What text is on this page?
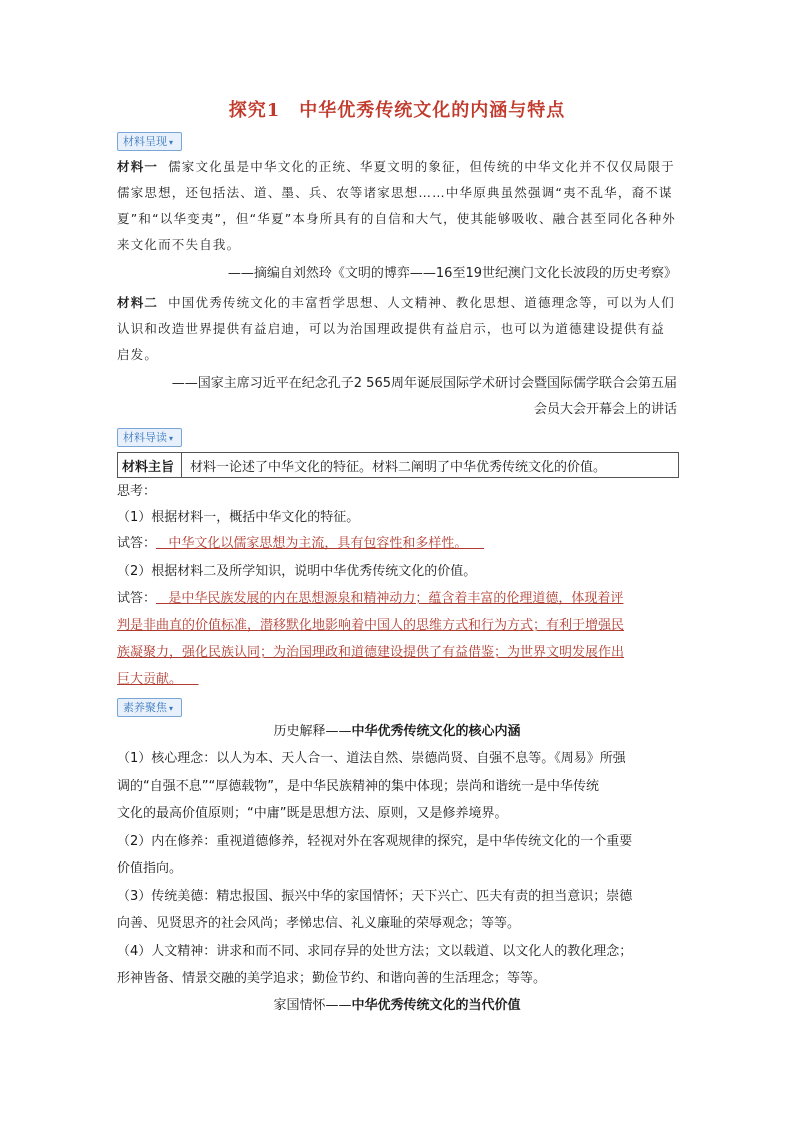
探究1　中华优秀传统文化的内涵与特点
材料呈现 ▾
材料一 儒家文化虽是中华文化的正统、华夏文明的象征，但传统的中华文化并不仅仅局限于儒家思想，还包括法、道、墨、兵、农等诸家思想……中华原典虽然强调“夷不乱华，裔不谋夏”和“以华变夷”，但“华夏”本身所具有的自信和大气，使其能够吸收、融合甚至同化各种外来文化而不失自我。
——摘编自刘然玲《文明的博弈——16至19世纪澳门文化长波段的历史考察》
材料二 中国优秀传统文化的丰富哲学思想、人文精神、教化思想、道德理念等，可以为人们认识和改造世界提供有益启迪，可以为治国理政提供有益启示，也可以为道德建设提供有益启发。
——国家主席习近平在纪念孔子2 565周年诞辰国际学术研讨会暨国际儒学联合会第五届
会员大会开幕会上的讲话
材料导读 ▾
材料主旨	材料一论述了中华文化的特征。材料二阐明了中华优秀传统文化的价值。
思考：
（1）根据材料一，概括中华文化的特征。
试答： 中华文化以儒家思想为主流，具有包容性和多样性。
（2）根据材料二及所学知识，说明中华优秀传统文化的价值。
试答： 是中华民族发展的内在思想源泉和精神动力；蕴含着丰富的伦理道德，体现着评
判是非曲直的价值标准，潜移默化地影响着中国人的思维方式和行为方式；有利于增强民
族凝聚力，强化民族认同；为治国理政和道德建设提供了有益借鉴；为世界文明发展作出
巨大贡献。
素养聚焦 ▾
历史解释——中华优秀传统文化的核心内涵
（1）核心理念：以人为本、天人合一、道法自然、崇德尚贤、自强不息等。《周易》所强
调的“自强不息”“厚德载物”，是中华民族精神的集中体现；崇尚和谐统一是中华传统
文化的最高价值原则；“中庸”既是思想方法、原则，又是修养境界。
（2）内在修养：重视道德修养，轻视对外在客观规律的探究，是中华传统文化的一个重要
价值指向。
（3）传统美德：精忠报国、振兴中华的家国情怀；天下兴亡、匹夫有责的担当意识；崇德
向善、见贤思齐的社会风尚；孝悌忠信、礼义廉耻的荣辱观念；等等。
（4）人文精神：讲求和而不同、求同存异的处世方法；文以载道、以文化人的教化理念；
形神皆备、情景交融的美学追求；勤俭节约、和谐向善的生活理念；等等。
家国情怀——中华优秀传统文化的当代价值
